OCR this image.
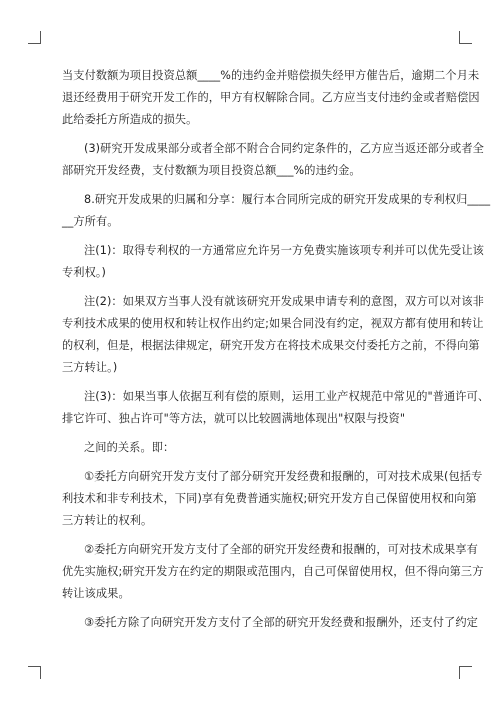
当支付数额为项目投资总额____%的违约金并赔偿损失经甲方催告后，逾期二个月未
退还经费用于研究开发工作的，甲方有权解除合同。乙方应当支付违约金或者赔偿因
此给委托方所造成的损失。
(3)研究开发成果部分或者全部不附合合同约定条件的，乙方应当返还部分或者全
部研究开发经费，支付数额为项目投资总额___%的违约金。
8.研究开发成果的归属和分享：履行本合同所完成的研究开发成果的专利权归____
__方所有。
注(1)：取得专利权的一方通常应允许另一方免费实施该项专利并可以优先受让该
专利权。)
注(2)：如果双方当事人没有就该研究开发成果申请专利的意图，双方可以对该非
专利技术成果的使用权和转让权作出约定;如果合同没有约定，视双方都有使用和转让
的权利，但是，根据法律规定，研究开发方在将技术成果交付委托方之前，不得向第
三方转让。)
注(3)：如果当事人依据互利有偿的原则，运用工业产权规范中常见的"普通许可、
排它许可、独占许可"等方法，就可以比较圆满地体现出"权限与投资"
之间的关系。即：
①委托方向研究开发方支付了部分研究开发经费和报酬的，可对技术成果(包括专
利技术和非专利技术，下同)享有免费普通实施权;研究开发方自己保留使用权和向第
三方转让的权利。
②委托方向研究开发方支付了全部的研究开发经费和报酬的，可对技术成果享有
优先实施权;研究开发方在约定的期限或范围内，自己可保留使用权，但不得向第三方
转让该成果。
③委托方除了向研究开发方支付了全部的研究开发经费和报酬外，还支付了约定
